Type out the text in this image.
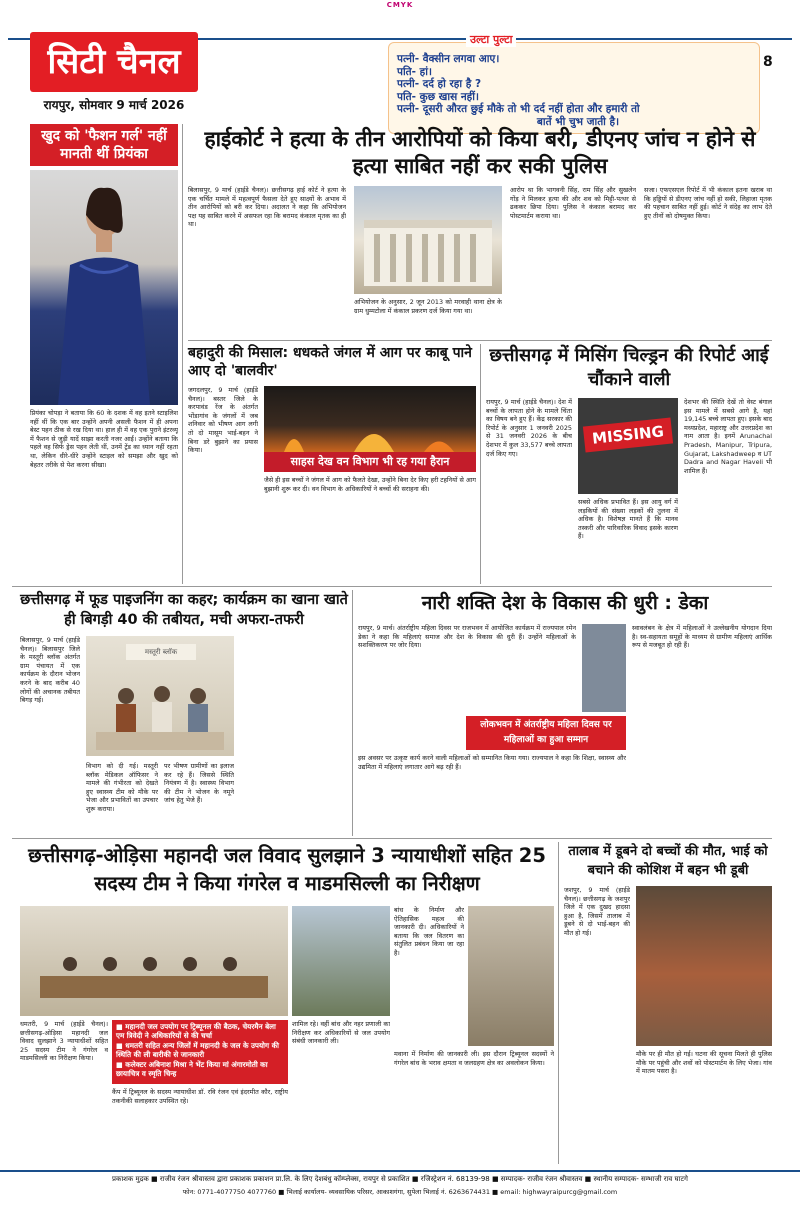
CMYK
सिटी चैनल
रायपुर, सोमवार 9 मार्च 2026
पत्नी- वैक्सीन लगवा आए।
पति- हां।
पत्नी- दर्द हो रहा है ?
पति- कुछ खास नहीं।
पत्नी- दूसरी औरत छुई मौके तो भी दर्द नहीं होता और हमारी तो
बातें भी चुभ जाती है।
उल्टा पुल्टा
8
खुद को 'फैशन गर्ल' नहीं मानती थीं प्रियंका
प्रियंका चोपड़ा ने बताया कि 60 के दशक में वह इतने स्टाइलिश नहीं थीं कि एक बार उन्होंने अपनी असली फैशन में ही अपना बेस्ट पहन ठीक से रख दिया था। हाल ही में वह एक पुराने इंटरव्यू में फैशन से जुड़ी यादें साझा करती नजर आईं। उन्होंने बताया कि पहले वह सिर्फ ड्रेस पहन लेती थीं, उनमें ट्रेंड का ध्यान नहीं रहता था, लेकिन धीरे-धीरे उन्होंने स्टाइल को समझा और खुद को बेहतर तरीके से पेश करना सीखा।
हाईकोर्ट ने हत्या के तीन आरोपियों को किया बरी, डीएनए जांच न होने से हत्या साबित नहीं कर सकी पुलिस
बिलासपुर, 9 मार्च (हाईडे चैनल)। छत्तीसगढ़ हाई कोर्ट ने हत्या के एक चर्चित मामले में महत्वपूर्ण फैसला देते हुए साक्ष्यों के अभाव में तीन आरोपियों को बरी कर दिया। अदालत ने कहा कि अभियोजन पक्ष यह साबित करने में असफल रहा कि बरामद कंकाल मृतक का ही था।
अभियोजन के अनुसार, 2 जून 2013 को मरवाही थाना क्षेत्र के ग्राम धुम्मटोला में कंकाल प्रकरण दर्ज किया गया था।
आरोप था कि भागवनी सिंह, राम सिंह और सुखलेन गोंड़ ने मिलकर हत्या की और शव को मिट्टी-पत्थर से ढककर छिपा दिया। पुलिस ने कंकाल बरामद कर पोस्टमार्टम कराया था।
सजा। एफएसएल रिपोर्ट में भी कंकाल इतना खराब था कि हड्डियों से डीएनए जांच नहीं हो सकी, लिहाजा मृतक की पहचान साबित नहीं हुई। कोर्ट ने संदेह का लाभ देते हुए तीनों को दोषमुक्त किया।
बहादुरी की मिसाल: धधकते जंगल में आग पर काबू पाने आए दो 'बालवीर'
जगदलपुर, 9 मार्च (हाईडे चैनल)। बस्तर जिले के करपावंड रेंज के अंतर्गत भोंडागांव के जंगलों में जब शनिवार को भीषण आग लगी तो दो मासूम भाई-बहन ने बिना डरे बुझाने का प्रयास किया।
साहस देख वन विभाग भी रह गया हैरान
जैसे ही इस बच्चों ने जंगल में आग को फैलते देखा, उन्होंने बिना देर किए हरी टहनियों से आग बुझानी शुरू कर दी। वन विभाग के अधिकारियों ने बच्चों की सराहना की।
छत्तीसगढ़ में मिसिंग चिल्ड्रन की रिपोर्ट आई चौंकाने वाली
रायपुर, 9 मार्च (हाईडे चैनल)। देश में बच्चों के लापता होने के मामले चिंता का विषय बने हुए हैं। केंद्र सरकार की रिपोर्ट के अनुसार 1 जनवरी 2025 से 31 जनवरी 2026 के बीच देशभर में कुल 33,577 बच्चे लापता दर्ज किए गए।
MISSING
सबसे अधिक प्रभावित हैं। इस आयु वर्ग में लड़कियों की संख्या लड़कों की तुलना में अधिक है। विशेषज्ञ मानते हैं कि मानव तस्करी और पारिवारिक विवाद इसके कारण हैं।
देशभर की स्थिति देखें तो वेस्ट बंगाल इस मामले में सबसे आगे है, यहां 19,145 बच्चे लापता हुए। इसके बाद मध्यप्रदेश, महाराष्ट्र और उत्तरप्रदेश का नाम आता है। इनमें Arunachal Pradesh, Manipur, Tripura, Gujarat, Lakshadweep व UT Dadra and Nagar Haveli भी शामिल हैं।
छत्तीसगढ़ में फूड पाइजनिंग का कहर; कार्यक्रम का खाना खाते ही बिगड़ी 40 की तबीयत, मची अफरा-तफरी
बिलासपुर, 9 मार्च (हाईडे चैनल)। बिलासपुर जिले के मस्तूरी ब्लॉक अंतर्गत ग्राम पंचायत में एक कार्यक्रम के दौरान भोजन करने के बाद करीब 40 लोगों की अचानक तबीयत बिगड़ गई।
मस्तूरी ब्लॉक
विभाग को दी गई। मस्तूरी ब्लॉक मेडिकल ऑफिसर ने मामले की गंभीरता को देखते हुए स्वास्थ्य टीम को मौके पर भेजा और प्रभावितों का उपचार शुरू कराया।
पर भीषण ग्रामीणों का इलाज कर रहे हैं। जिससे स्थिति नियंत्रण में है। स्वास्थ्य विभाग की टीम ने भोजन के नमूने जांच हेतु भेजे हैं।
नारी शक्ति देश के विकास की धुरी : डेका
रायपुर, 9 मार्च। अंतर्राष्ट्रीय महिला दिवस पर राजभवन में आयोजित कार्यक्रम में राज्यपाल रमेन डेका ने कहा कि महिलाएं समाज और देश के विकास की धुरी हैं। उन्होंने महिलाओं के सशक्तिकरण पर जोर दिया।
लोकभवन में अंतर्राष्ट्रीय महिला दिवस पर महिलाओं का हुआ सम्मान
इस अवसर पर उत्कृष्ट कार्य करने वाली महिलाओं को सम्मानित किया गया। राज्यपाल ने कहा कि शिक्षा, स्वास्थ्य और उद्यमिता में महिलाएं लगातार आगे बढ़ रही हैं।
स्वावलंबन के क्षेत्र में महिलाओं ने उल्लेखनीय योगदान दिया है। स्व-सहायता समूहों के माध्यम से ग्रामीण महिलाएं आर्थिक रूप से मजबूत हो रही हैं।
छत्तीसगढ़-ओड़िसा महानदी जल विवाद सुलझाने 3 न्यायाधीशों सहित 25 सदस्य टीम ने किया गंगरेल व माडमसिल्ली का निरीक्षण
बांध के निर्माण और ऐतिहासिक महत्व की जानकारी दी। अधिकारियों ने बताया कि जल वितरण का संतुलित प्रबंधन किया जा रहा है।
धमतरी, 9 मार्च (हाईडे चैनल)। छत्तीसगढ़-ओड़िसा महानदी जल विवाद सुलझाने 3 न्यायाधीशों सहित 25 सदस्य टीम ने गंगरेल व माडमसिल्ली का निरीक्षण किया।
■ महानदी जल उपयोग पर ट्रिब्यूनल की बैठक, चेयरमैन बेला एम त्रिवेदी ने अधिकारियों से की चर्चा
■ धमतरी सहित अन्य जिलों में महानदी के जल के उपयोग की स्थिति की ली बारीकी से जानकारी
■ कलेक्टर अबिनाश मिश्रा ने भेंट किया मां अंगारमोती का छायाचित्र व स्मृति चिन्ह
कैंप में ट्रिब्यूनल के सदस्य न्यायाधीश डॉ. रवि रंजन एवं इंदरमीत कौर, राष्ट्रीय तकनीकी सलाहकार उपस्थित रहे।
शामिल रहे। वहीं बांध और नहर प्रणाली का निरीक्षण कर अधिकारियों से जल उपयोग संबंधी जानकारी ली।
मवाना में निर्माण की जानकारी ली। इस दौरान ट्रिब्यूनल सदस्यों ने गंगरेल बांध के भराव क्षमता व जलग्रहण क्षेत्र का अवलोकन किया।
तालाब में डूबने दो बच्चों की मौत, भाई को बचाने की कोशिश में बहन भी डूबी
जशपुर, 9 मार्च (हाईडे चैनल)। छत्तीसगढ़ के जशपुर जिले में एक दुखद हादसा हुआ है, जिसमें तालाब में डूबने से दो भाई-बहन की मौत हो गई।
मौके पर ही मौत हो गई। घटना की सूचना मिलते ही पुलिस मौके पर पहुंची और शवों को पोस्टमार्टम के लिए भेजा। गांव में मातम पसरा है।
प्रकाशक मुद्रक ■ राजीव रंजन श्रीवास्तव द्वारा प्रकाशक प्रकाशन प्रा.लि. के लिए देशबंधु कॉम्प्लेक्स, रायपुर से प्रकाशित ■ रजिस्ट्रेशन नं. 68139-98 ■ सम्पादक- राजीव रंजन श्रीवास्तव ■ स्थानीय सम्पादक- सम्भाजी राव घाटगे
फोन: 0771-4077750 4077760 ■ भिलाई कार्यालय- व्यवसायिक परिसर, आकाशगंगा, सुपेला भिलाई नं. 6263674431 ■ email: highwayraipurcg@gmail.com
